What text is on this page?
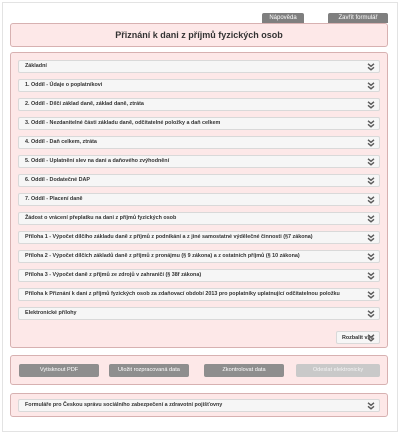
Nápověda	Zavřít formulář
Přiznání k dani z příjmů fyzických osob
Rozbalit vše
Základní
1. Oddíl - Údaje o poplatníkovi
2. Oddíl - Dílčí základ daně, základ daně, ztráta
3. Oddíl - Nezdanitelné části základu daně, odčitatelné položky a daň celkem
4. Oddíl - Daň celkem, ztráta
5. Oddíl - Uplatnění slev na dani a daňového zvýhodnění
6. Oddíl - Dodatečné DAP
7. Oddíl - Placení daně
Žádost o vrácení přeplatku na dani z příjmů fyzických osob
Příloha 1 - Výpočet dílčího základu daně z příjmů z podnikání a z jiné samostatné výdělečné činnosti (§7 zákona)
Příloha 2 - Výpočet dílčích základů daně z příjmů z pronájmu (§ 9 zákona) a z ostatních příjmů (§ 10 zákona)
Příloha 3 - Výpočet daně z příjmů ze zdrojů v zahraničí (§ 38f zákona)
Příloha k Přiznání k dani z příjmů fyzických osob za zdaňovací období 2013 pro poplatníky uplatnující odčitatelnou položku
Elektronické přílohy
Vytisknout PDF	Uložit rozpracovaná data	Zkontrolovat data	Odeslat elektronicky
Formuláře pro Českou správu sociálního zabezpečení a zdravotní pojišťovny
